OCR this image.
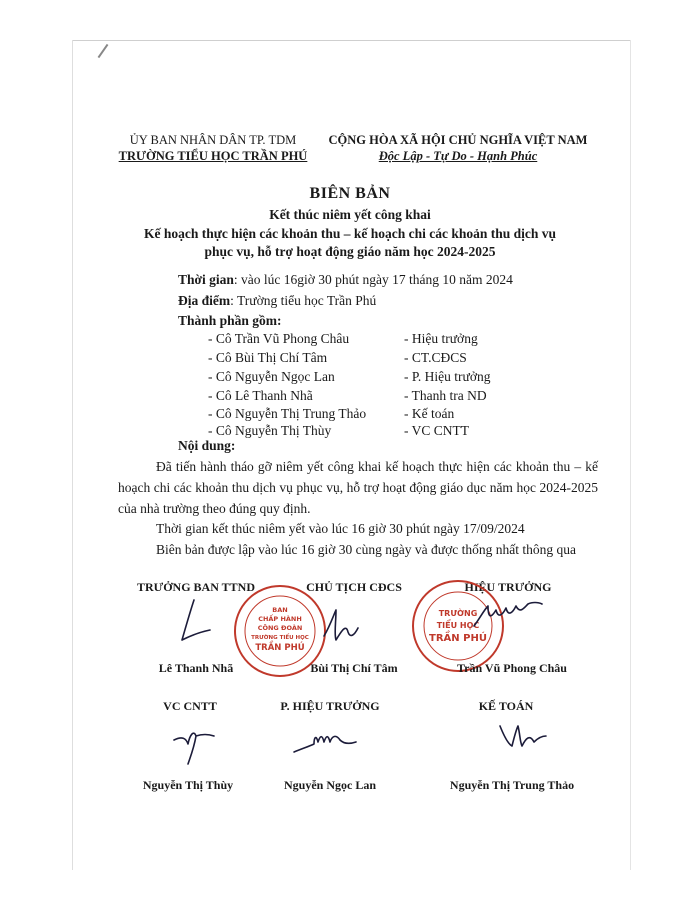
ỦY BAN NHÂN DÂN TP. TDM
TRƯỜNG TIỂU HỌC TRẦN PHÚ
CỘNG HÒA XÃ HỘI CHỦ NGHĨA VIỆT NAM
Độc Lập - Tự Do - Hạnh Phúc
BIÊN BẢN
Kết thúc niêm yết công khai
Kế hoạch thực hiện các khoản thu – kế hoạch chi các khoản thu dịch vụ
phục vụ, hỗ trợ hoạt động giáo năm học 2024-2025
Thời gian: vào lúc 16giờ 30 phút ngày 17 tháng 10 năm 2024
Địa điểm: Trường tiểu học Trần Phú
Thành phần gồm:
- Cô Trần Vũ Phong Châu	- Hiệu trưởng
- Cô Bùi Thị Chí Tâm	- CT.CĐCS
- Cô Nguyễn Ngọc Lan	- P. Hiệu trưởng
- Cô Lê Thanh Nhã	- Thanh tra ND
- Cô Nguyễn Thị Trung Thảo	- Kế toán
- Cô Nguyễn Thị Thùy	- VC CNTT
Nội dung:
Đã tiến hành tháo gỡ niêm yết công khai kế hoạch thực hiện các khoản thu – kế hoạch chi các khoản thu dịch vụ phục vụ, hỗ trợ hoạt động giáo dục năm học 2024-2025 của nhà trường theo đúng quy định.
Thời gian kết thúc niêm yết vào lúc 16 giờ 30 phút ngày 17/09/2024
Biên bản được lập vào lúc 16 giờ 30 cùng ngày và được thống nhất thông qua
TRƯỞNG BAN TTND	CHỦ TỊCH CĐCS	HIỆU TRƯỞNG
BAN
CHẤP HÀNH
CÔNG ĐOÀN
TRƯỜNG TIỂU HỌC
TRẦN PHÚ
TRƯỜNG
TIỂU HỌC
TRẦN PHÚ
Lê Thanh Nhã	Bùi Thị Chí Tâm	Trần Vũ Phong Châu
VC CNTT	P. HIỆU TRƯỞNG	KẾ TOÁN
Nguyễn Thị Thùy	Nguyễn Ngọc Lan	Nguyễn Thị Trung Thảo
